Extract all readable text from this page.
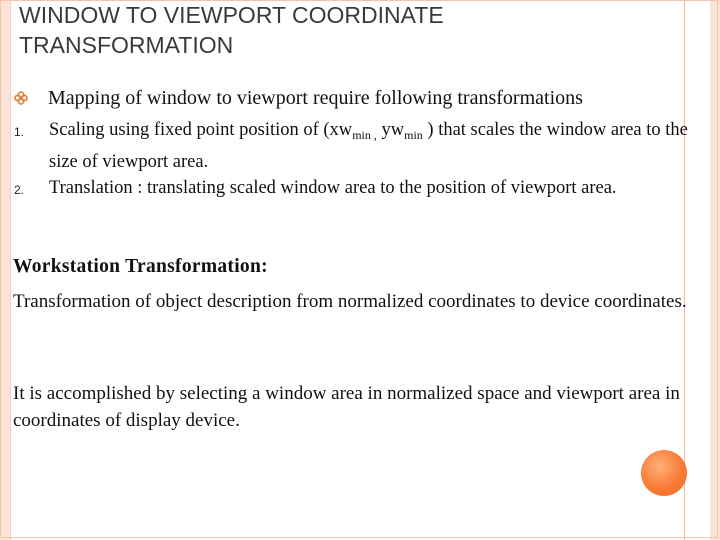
WINDOW TO VIEWPORT COORDINATE
TRANSFORMATION
Mapping of window to viewport require following transformations
1. Scaling using fixed point position of ($xw_{min ,}$ $yw_{min}$ ) that scales the window area to the size of viewport area.
2. Translation : translating scaled window area to the position of viewport area.
Workstation Transformation:

Transformation of object description from normalized coordinates to device coordinates.

It is accomplished by selecting a window area in normalized space and viewport area in coordinates of display device.
